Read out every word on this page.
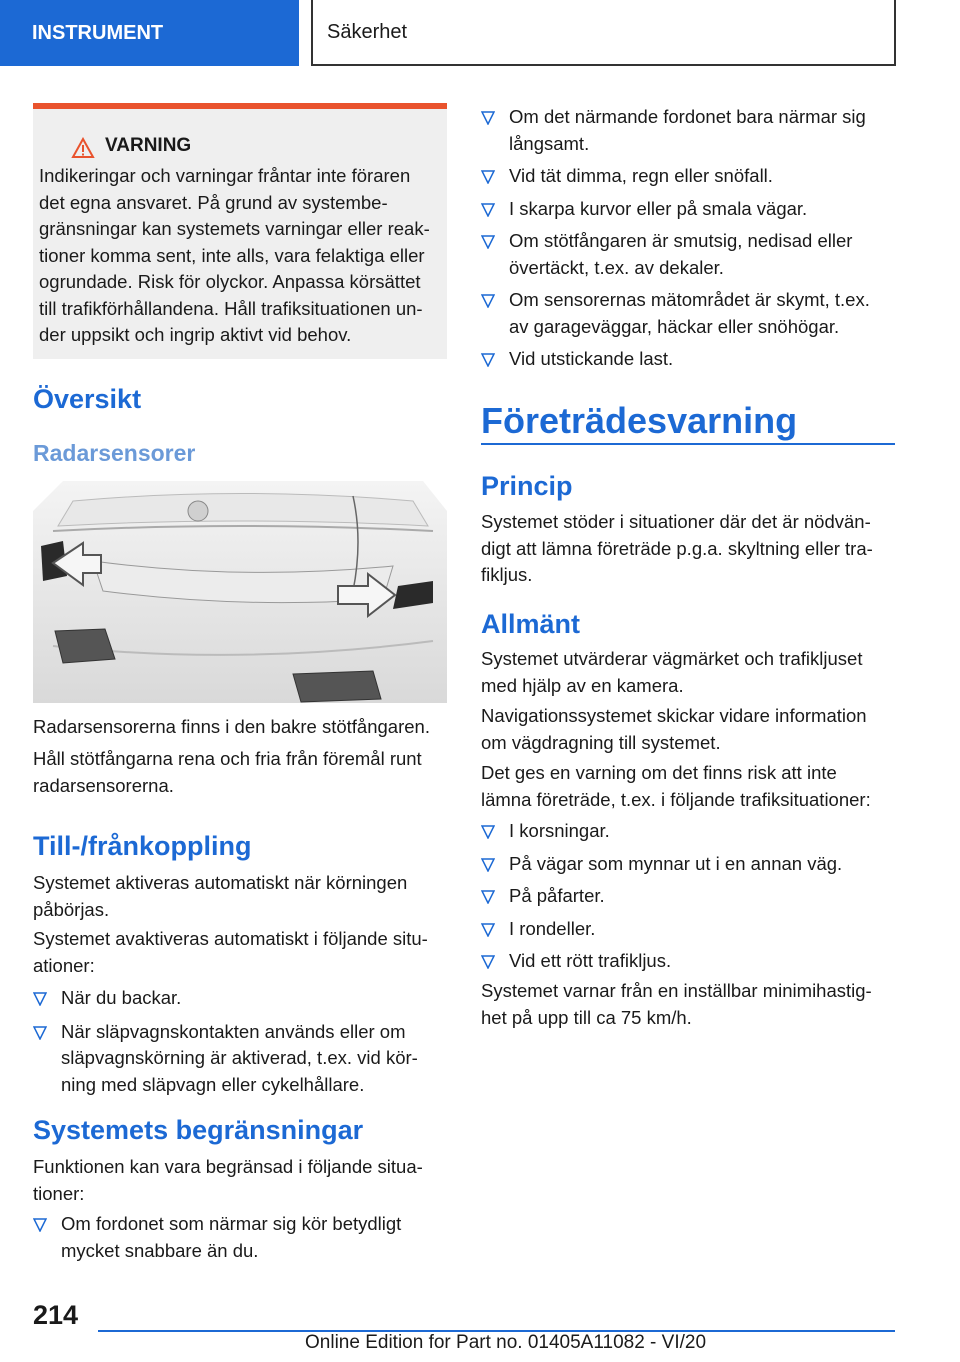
INSTRUMENT	Säkerhet
VARNING
Indikeringar och varningar fråntar inte föraren
det egna ansvaret. På grund av systembe-
gränsningar kan systemets varningar eller reak-
tioner komma sent, inte alls, vara felaktiga eller
ogrundade. Risk för olyckor. Anpassa körsättet
till trafikförhållandena. Håll trafiksituationen un-
der uppsikt och ingrip aktivt vid behov.
Översikt
Radarsensorer

Radarsensorerna finns i den bakre stötfångaren.

Håll stötfångarna rena och fria från föremål runt

radarsensorerna.

Till-/frånkoppling

Systemet aktiveras automatiskt när körningen

påbörjas.

Systemet avaktiveras automatiskt i följande situ-

ationer:

När du backar.
När släpvagnskontakten används eller om
släpvagnskörning är aktiverad, t.ex. vid kör-
ning med släpvagn eller cykelhållare.
Systemets begränsningar

Funktionen kan vara begränsad i följande situa-

tioner:

Om fordonet som närmar sig kör betydligt
mycket snabbare än du.
Om det närmande fordonet bara närmar sig
långsamt.
Vid tät dimma, regn eller snöfall.
I skarpa kurvor eller på smala vägar.
Om stötfångaren är smutsig, nedisad eller
övertäckt, t.ex. av dekaler.
Om sensorernas mätområdet är skymt, t.ex.
av garageväggar, häckar eller snöhögar.
Vid utstickande last.
Företrädesvarning
Princip

Systemet stöder i situationer där det är nödvän-

digt att lämna företräde p.g.a. skyltning eller tra-

fikljus.

Allmänt

Systemet utvärderar vägmärket och trafikljuset

med hjälp av en kamera.

Navigationssystemet skickar vidare information

om vägdragning till systemet.

Det ges en varning om det finns risk att inte

lämna företräde, t.ex. i följande trafiksituationer:

I korsningar.
På vägar som mynnar ut i en annan väg.
På påfarter.
I rondeller.
Vid ett rött trafikljus.

Systemet varnar från en inställbar minimihastig-

het på upp till ca 75 km/h.

214
Online Edition for Part no. 01405A11082 - VI/20
